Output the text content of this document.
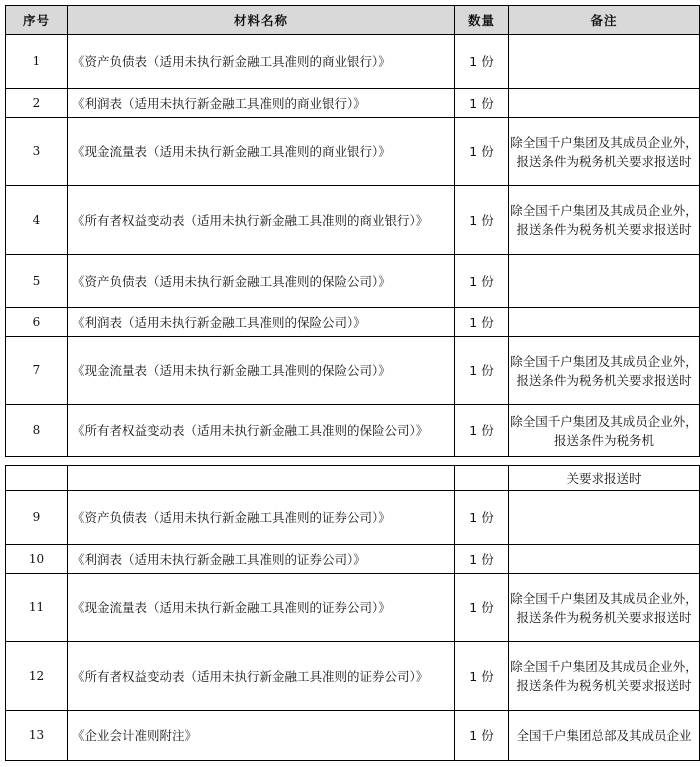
序号	材料名称	数量	备注
1	《资产负债表（适用未执行新金融工具准则的商业银行）》	1 份	
2	《利润表（适用未执行新金融工具准则的商业银行）》	1 份	
3	《现金流量表（适用未执行新金融工具准则的商业银行）》	1 份	除全国千户集团及其成员企业外，报送条件为税务机关要求报送时
4	《所有者权益变动表（适用未执行新金融工具准则的商业银行）》	1 份	除全国千户集团及其成员企业外，报送条件为税务机关要求报送时
5	《资产负债表（适用未执行新金融工具准则的保险公司）》	1 份	
6	《利润表（适用未执行新金融工具准则的保险公司）》	1 份	
7	《现金流量表（适用未执行新金融工具准则的保险公司）》	1 份	除全国千户集团及其成员企业外，报送条件为税务机关要求报送时
8	《所有者权益变动表（适用未执行新金融工具准则的保险公司）》	1 份	除全国千户集团及其成员企业外，报送条件为税务机
			关要求报送时
9	《资产负债表（适用未执行新金融工具准则的证券公司）》	1 份	
10	《利润表（适用未执行新金融工具准则的证券公司）》	1 份	
11	《现金流量表（适用未执行新金融工具准则的证券公司）》	1 份	除全国千户集团及其成员企业外，报送条件为税务机关要求报送时
12	《所有者权益变动表（适用未执行新金融工具准则的证券公司）》	1 份	除全国千户集团及其成员企业外，报送条件为税务机关要求报送时
13	《企业会计准则附注》	1 份	全国千户集团总部及其成员企业
